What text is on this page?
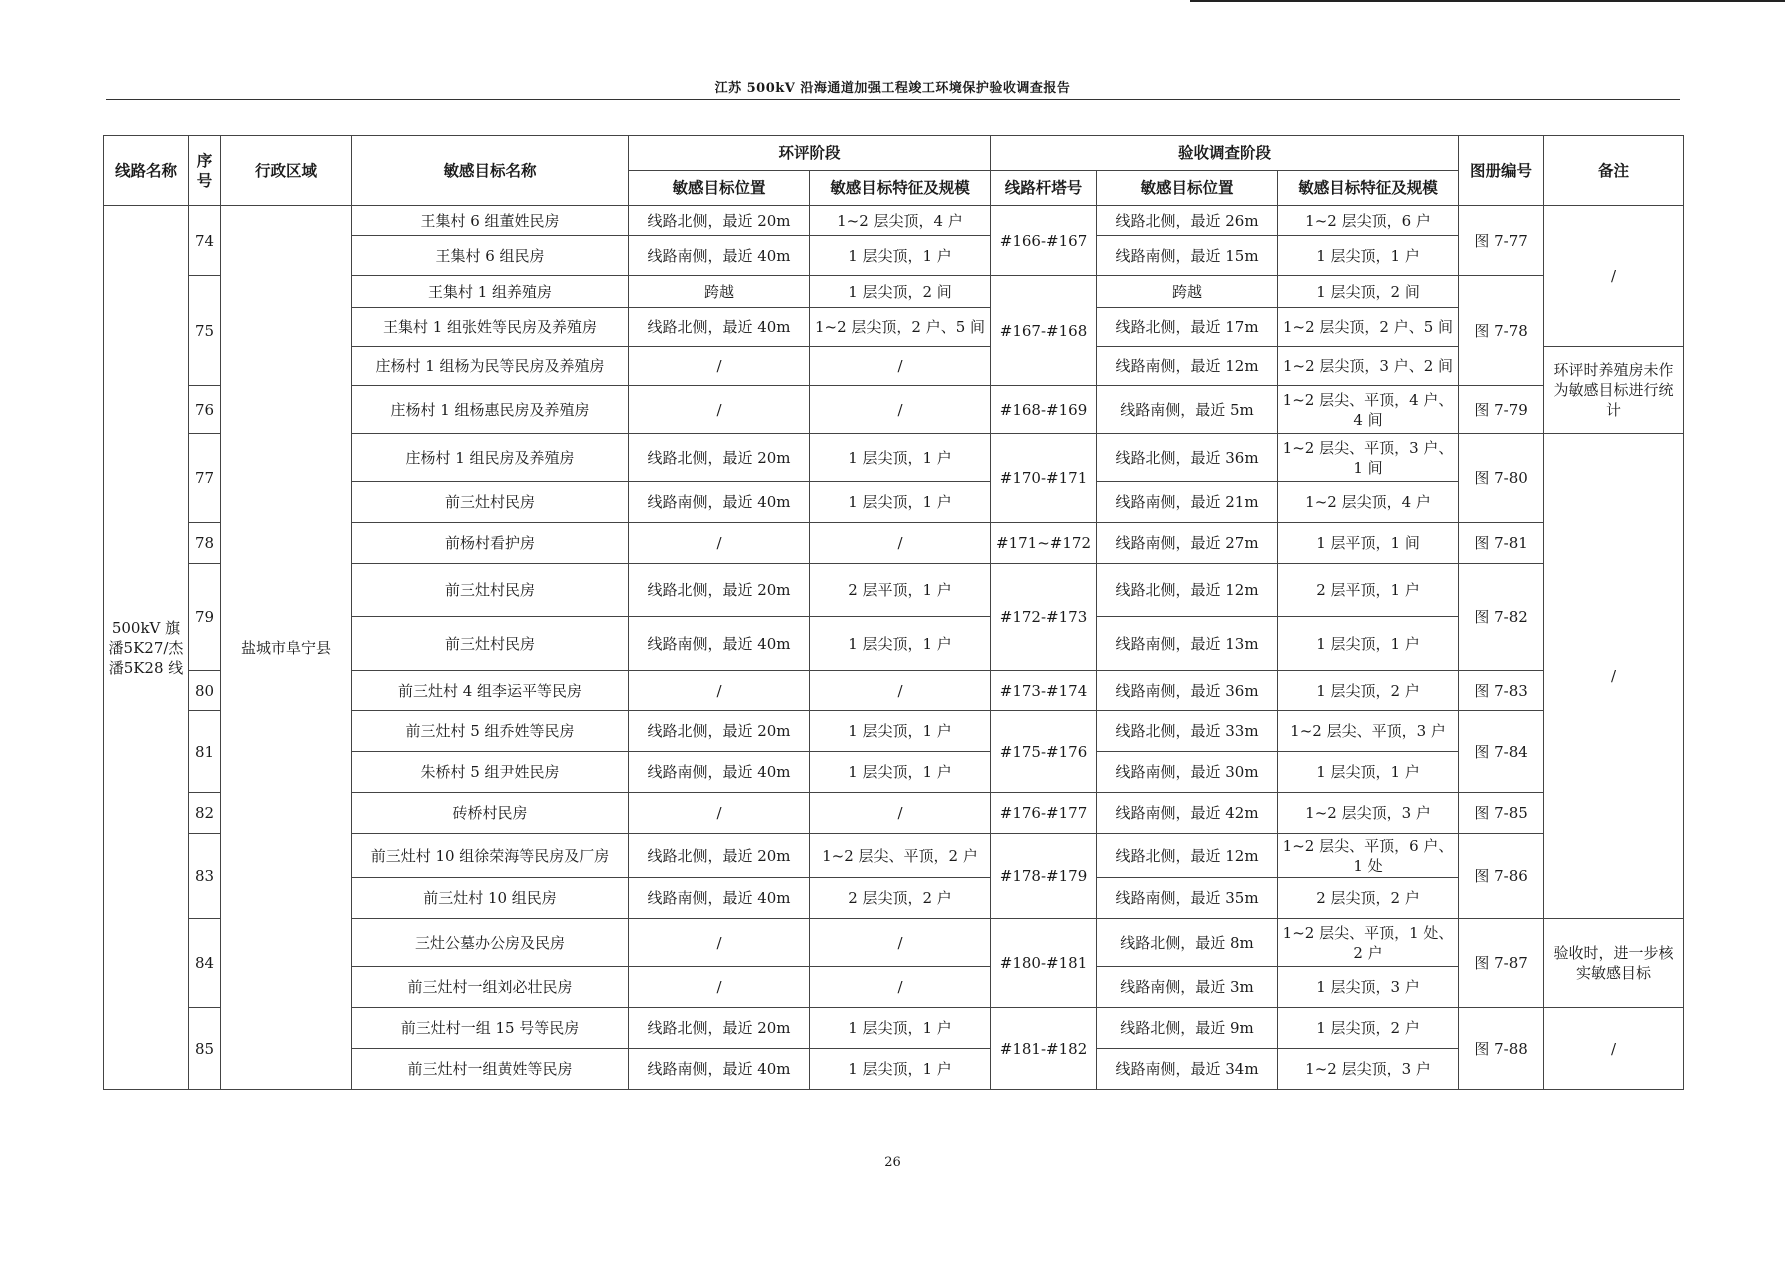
江苏 500kV 沿海通道加强工程竣工环境保护验收调查报告
线路名称	序号	行政区域	敏感目标名称	环评阶段		验收调查阶段			图册编号	备注
				敏感目标位置	敏感目标特征及规模	线路杆塔号	敏感目标位置	敏感目标特征及规模		
500kV 旗潘5K27/杰潘5K28 线	74	盐城市阜宁县	王集村 6 组董姓民房	线路北侧，最近 20m	1~2 层尖顶，4 户	#166-#167	线路北侧，最近 26m	1~2 层尖顶，6 户	图 7-77	/
			王集村 6 组民房	线路南侧，最近 40m	1 层尖顶，1 户		线路南侧，最近 15m	1 层尖顶，1 户		
	75		王集村 1 组养殖房	跨越	1 层尖顶，2 间	#167-#168	跨越	1 层尖顶，2 间	图 7-78	
			王集村 1 组张姓等民房及养殖房	线路北侧，最近 40m	1~2 层尖顶，2 户、5 间		线路北侧，最近 17m	1~2 层尖顶，2 户、5 间		
			庄杨村 1 组杨为民等民房及养殖房	/	/		线路南侧，最近 12m	1~2 层尖顶，3 户、2 间		环评时养殖房未作为敏感目标进行统计
	76		庄杨村 1 组杨惠民房及养殖房	/	/	#168-#169	线路南侧，最近 5m	1~2 层尖、平顶，4 户、4 间	图 7-79	
	77		庄杨村 1 组民房及养殖房	线路北侧，最近 20m	1 层尖顶，1 户	#170-#171	线路北侧，最近 36m	1~2 层尖、平顶，3 户、1 间	图 7-80	/
			前三灶村民房	线路南侧，最近 40m	1 层尖顶，1 户		线路南侧，最近 21m	1~2 层尖顶，4 户		
	78		前杨村看护房	/	/	#171~#172	线路南侧，最近 27m	1 层平顶，1 间	图 7-81	
	79		前三灶村民房	线路北侧，最近 20m	2 层平顶，1 户	#172-#173	线路北侧，最近 12m	2 层平顶，1 户	图 7-82	
			前三灶村民房	线路南侧，最近 40m	1 层尖顶，1 户		线路南侧，最近 13m	1 层尖顶，1 户		
	80		前三灶村 4 组李运平等民房	/	/	#173-#174	线路南侧，最近 36m	1 层尖顶，2 户	图 7-83	
	81		前三灶村 5 组乔姓等民房	线路北侧，最近 20m	1 层尖顶，1 户	#175-#176	线路北侧，最近 33m	1~2 层尖、平顶，3 户	图 7-84	
			朱桥村 5 组尹姓民房	线路南侧，最近 40m	1 层尖顶，1 户		线路南侧，最近 30m	1 层尖顶，1 户		
	82		砖桥村民房	/	/	#176-#177	线路南侧，最近 42m	1~2 层尖顶，3 户	图 7-85	
	83		前三灶村 10 组徐荣海等民房及厂房	线路北侧，最近 20m	1~2 层尖、平顶，2 户	#178-#179	线路北侧，最近 12m	1~2 层尖、平顶，6 户、1 处	图 7-86	
			前三灶村 10 组民房	线路南侧，最近 40m	2 层尖顶，2 户		线路南侧，最近 35m	2 层尖顶，2 户		
	84		三灶公墓办公房及民房	/	/	#180-#181	线路北侧，最近 8m	1~2 层尖、平顶，1 处、2 户	图 7-87	验收时，进一步核实敏感目标
			前三灶村一组刘必壮民房	/	/		线路南侧，最近 3m	1 层尖顶，3 户		
	85		前三灶村一组 15 号等民房	线路北侧，最近 20m	1 层尖顶，1 户	#181-#182	线路北侧，最近 9m	1 层尖顶，2 户	图 7-88	/
			前三灶村一组黄姓等民房	线路南侧，最近 40m	1 层尖顶，1 户		线路南侧，最近 34m	1~2 层尖顶，3 户		
26
